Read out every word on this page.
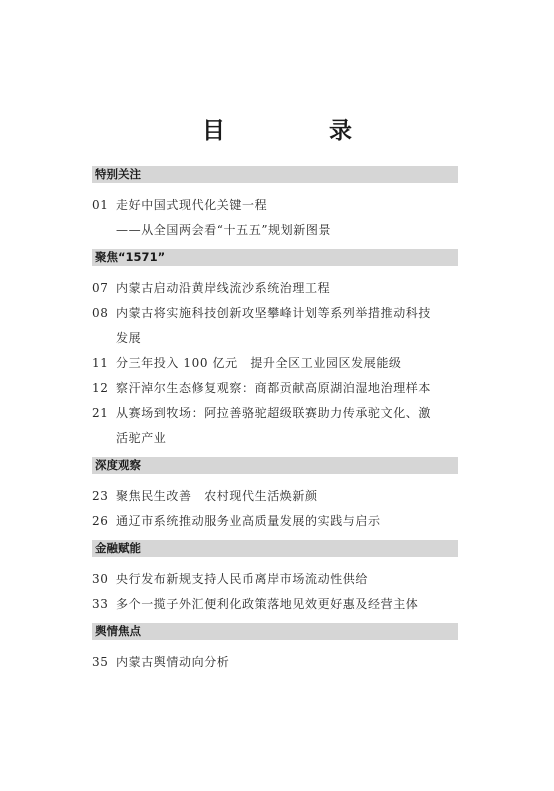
目 录
特别关注
01 走好中国式现代化关键一程
——从全国两会看“十五五”规划新图景
聚焦“1571”
07 内蒙古启动沿黄岸线流沙系统治理工程
08 内蒙古将实施科技创新攻坚攀峰计划等系列举措推动科技
发展
11 分三年投入 100 亿元　提升全区工业园区发展能级
12 察汗淖尔生态修复观察：商都贡献高原湖泊湿地治理样本
21 从赛场到牧场：阿拉善骆驼超级联赛助力传承驼文化、激
活驼产业
深度观察
23 聚焦民生改善　农村现代生活焕新颜
26 通辽市系统推动服务业高质量发展的实践与启示
金融赋能
30 央行发布新规支持人民币离岸市场流动性供给
33 多个一揽子外汇便利化政策落地见效更好惠及经营主体
舆情焦点
35 内蒙古舆情动向分析
